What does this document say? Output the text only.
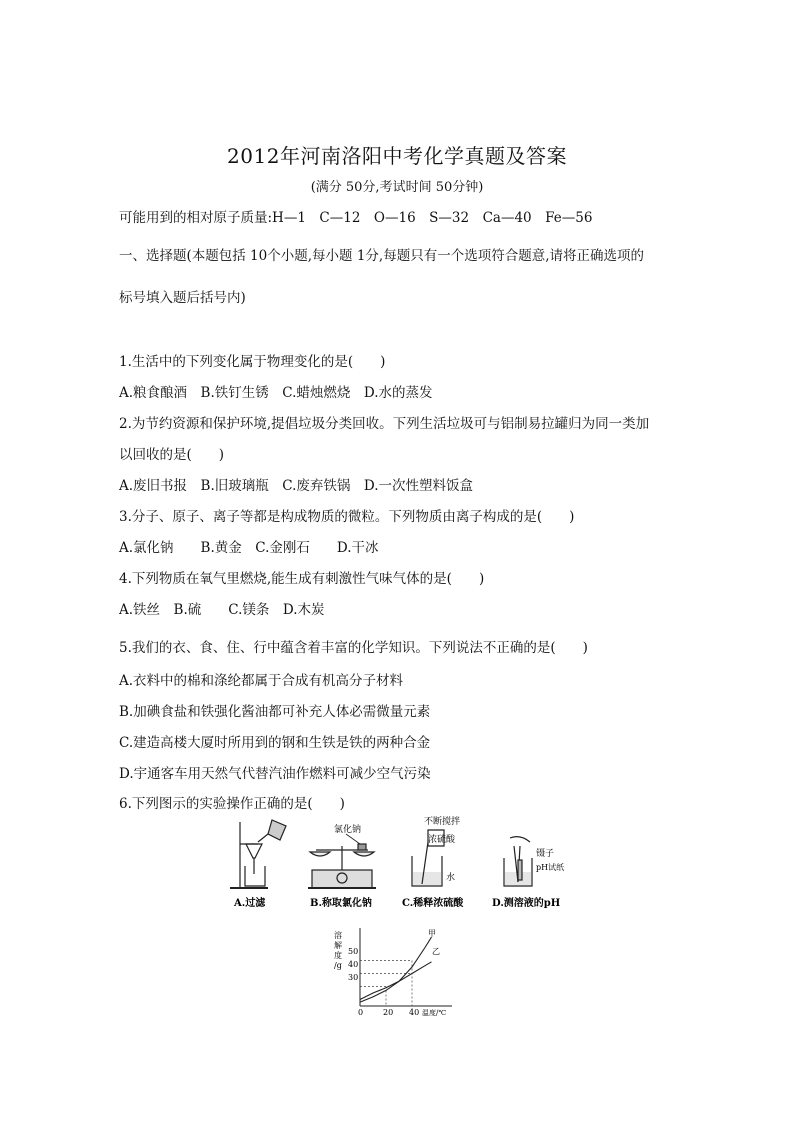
2012年河南洛阳中考化学真题及答案
(满分 50分,考试时间 50分钟)
可能用到的相对原子质量:H—1　C—12　O—16　S—32　Ca—40　Fe—56
一、选择题(本题包括 10个小题,每小题 1分,每题只有一个选项符合题意,请将正确选项的
标号填入题后括号内)
1.生活中的下列变化属于物理变化的是(　　)
A.粮食酿酒　B.铁钉生锈　C.蜡烛燃烧　D.水的蒸发
2.为节约资源和保护环境,提倡垃圾分类回收。下列生活垃圾可与铝制易拉罐归为同一类加
以回收的是(　　)
A.废旧书报　B.旧玻璃瓶　C.废弃铁锅　D.一次性塑料饭盒
3.分子、原子、离子等都是构成物质的微粒。下列物质由离子构成的是(　　)
A.氯化钠　　B.黄金　C.金刚石　　D.干冰
4.下列物质在氧气里燃烧,能生成有刺激性气味气体的是(　　)
A.铁丝　B.硫　　C.镁条　D.木炭
5.我们的衣、食、住、行中蕴含着丰富的化学知识。下列说法不正确的是(　　)
A.衣料中的棉和涤纶都属于合成有机高分子材料
B.加碘食盐和铁强化酱油都可补充人体必需微量元素
C.建造高楼大厦时所用到的钢和生铁是铁的两种合金
D.宇通客车用天然气代替汽油作燃料可减少空气污染
6.下列图示的实验操作正确的是(　　)
A.过滤
氯化钠
B.称取氯化钠
不断搅拌
浓硫酸
水
C.稀释浓硫酸
镊子
pH试纸
D.测溶液的pH
溶
解
度
/g
温度/℃
50
40
30
0 20 40
甲
乙
